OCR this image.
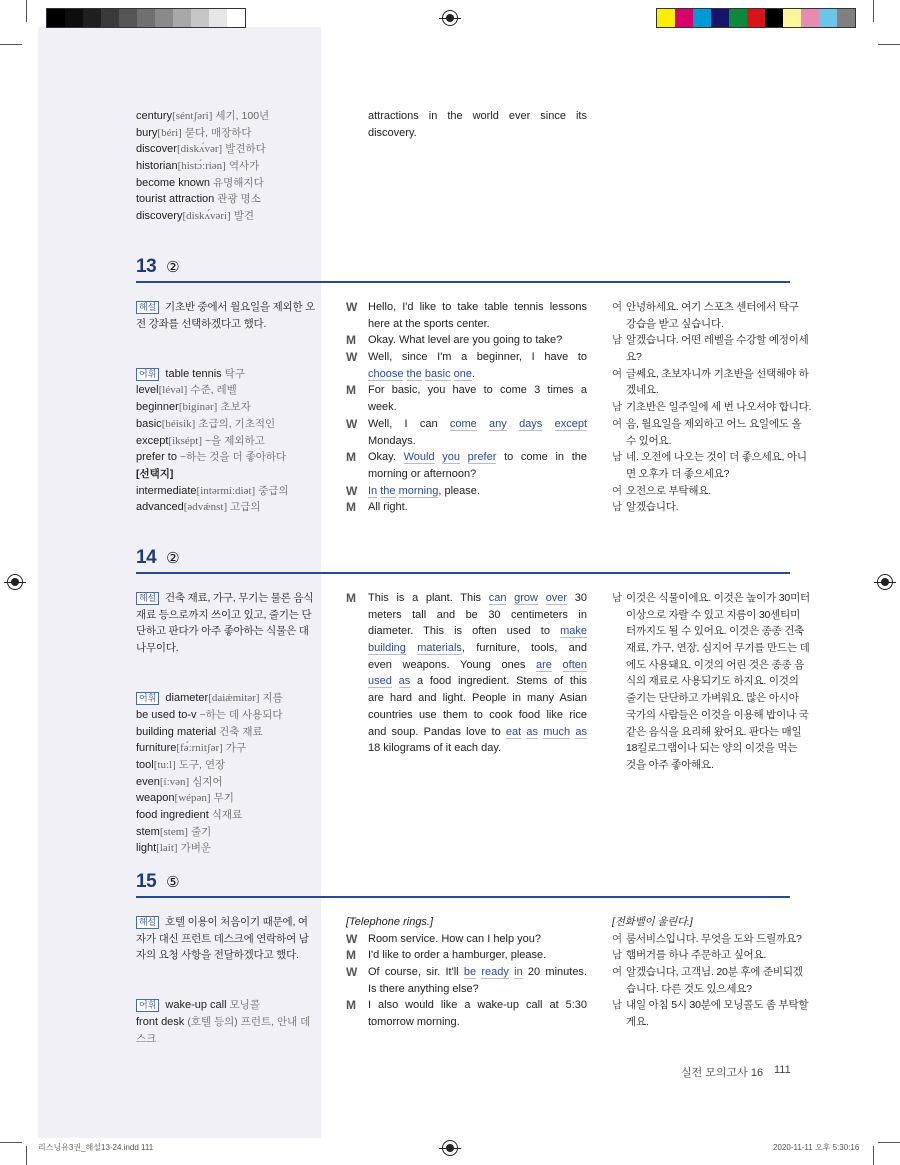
century[séntʃəri] 세기, 100년
bury[béri] 묻다, 매장하다
discover[diskʌ́vər] 발견하다
historian[histɔ́ːriən] 역사가
become known 유명해지다
tourist attraction 관광 명소
discovery[diskʌ́vəri] 발견
attractions in the world ever since its
discovery.
13 ②
해설 기초반 중에서 월요일을 제외한 오
전 강좌를 선택하겠다고 했다.
어휘 table tennis 탁구
level[lévəl] 수준, 레벨
beginner[bigínər] 초보자
basic[béisik] 초급의, 기초적인
except[iksépt] ~을 제외하고
prefer to ~하는 것을 더 좋아하다
[선택지]
intermediate[intərmíːdiət] 중급의
advanced[ədvǽnst] 고급의
W Hello, I'd like to take table tennis lessons
here at the sports center.
M Okay. What level are you going to take?
W Well, since I'm a beginner, I have to
choose the basic one.
M For basic, you have to come 3 times a
week.
W Well, I can come any days except
Mondays.
M Okay. Would you prefer to come in the
morning or afternoon?
W In the morning, please.
M All right.
여 안녕하세요. 여기 스포츠 센터에서 탁구
강습을 받고 싶습니다.
남 알겠습니다. 어떤 레벨을 수강할 예정이세
요?
여 글쎄요, 초보자니까 기초반을 선택해야 하
겠네요.
남 기초반은 일주일에 세 번 나오셔야 합니다.
여 음, 월요일을 제외하고 어느 요일에도 올
수 있어요.
남 네. 오전에 나오는 것이 더 좋으세요, 아니
면 오후가 더 좋으세요?
여 오전으로 부탁해요.
남 알겠습니다.
14 ②
해설 건축 재료, 가구, 무기는 물론 음식
재료 등으로까지 쓰이고 있고, 줄기는 단
단하고 판다가 아주 좋아하는 식물은 대
나무이다.
어휘 diameter[daiǽmitər] 지름
be used to-v ~하는 데 사용되다
building material 건축 재료
furniture[fə́ːrnitʃər] 가구
tool[tuːl] 도구, 연장
even[íːvən] 심지어
weapon[wépən] 무기
food ingredient 식재료
stem[stem] 줄기
light[lait] 가벼운
M This is a plant. This can grow over 30
meters tall and be 30 centimeters in
diameter. This is often used to make
building materials, furniture, tools, and
even weapons. Young ones are often
used as a food ingredient. Stems of this
are hard and light. People in many Asian
countries use them to cook food like rice
and soup. Pandas love to eat as much as
18 kilograms of it each day.
남 이것은 식물이에요. 이것은 높이가 30미터
이상으로 자랄 수 있고 지름이 30센티미
터까지도 될 수 있어요. 이것은 종종 건축
재료, 가구, 연장, 심지어 무기를 만드는 데
에도 사용돼요. 이것의 어린 것은 종종 음
식의 재료로 사용되기도 하지요. 이것의
줄기는 단단하고 가벼워요. 많은 아시아
국가의 사람들은 이것을 이용해 밥이나 국
같은 음식을 요리해 왔어요. 판다는 매일
18킬로그램이나 되는 양의 이것을 먹는
것을 아주 좋아해요.
15 ⑤
해설 호텔 이용이 처음이기 때문에, 여
자가 대신 프런트 데스크에 연락하여 남
자의 요청 사항을 전달하겠다고 했다.
어휘 wake-up call 모닝콜
front desk (호텔 등의) 프런트, 안내 데
스크
[Telephone rings.]
W Room service. How can I help you?
M I'd like to order a hamburger, please.
W Of course, sir. It'll be ready in 20 minutes.
Is there anything else?
M I also would like a wake-up call at 5:30
tomorrow morning.
[전화벨이 울린다.]
여 룸서비스입니다. 무엇을 도와 드릴까요?
남 햄버거를 하나 주문하고 싶어요.
여 알겠습니다, 고객님. 20분 후에 준비되겠
습니다. 다른 것도 있으세요?
남 내일 아침 5시 30분에 모닝콜도 좀 부탁할
게요.
실전 모의고사 16 111
리스닝유3권_해설13-24.indd 111	2020-11-11 오후 5:30:16
